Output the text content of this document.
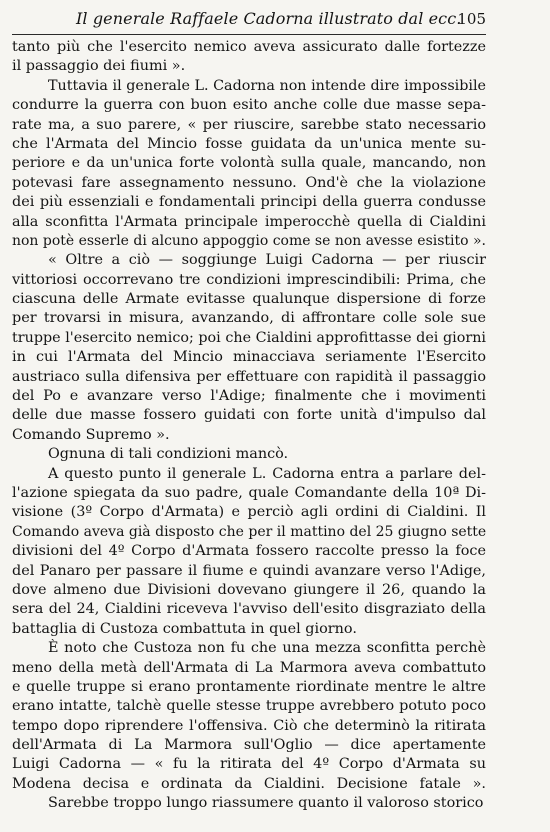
Il generale Raffaele Cadorna illustrato dal ecc.
105
tanto più che l'esercito nemico aveva assicurato dalle fortezze
il passaggio dei fiumi ».
Tuttavia il generale L. Cadorna non intende dire impossibile
condurre la guerra con buon esito anche colle due masse sepa-
rate ma, a suo parere, « per riuscire, sarebbe stato necessario
che l'Armata del Mincio fosse guidata da un'unica mente su-
periore e da un'unica forte volontà sulla quale, mancando, non
potevasi fare assegnamento nessuno. Ond'è che la violazione
dei più essenziali e fondamentali principi della guerra condusse
alla sconfitta l'Armata principale imperocchè quella di Cialdini
non potè esserle di alcuno appoggio come se non avesse esistito ».
« Oltre a ciò — soggiunge Luigi Cadorna — per riuscir
vittoriosi occorrevano tre condizioni imprescindibili: Prima, che
ciascuna delle Armate evitasse qualunque dispersione di forze
per trovarsi in misura, avanzando, di affrontare colle sole sue
truppe l'esercito nemico; poi che Cialdini approfittasse dei giorni
in cui l'Armata del Mincio minacciava seriamente l'Esercito
austriaco sulla difensiva per effettuare con rapidità il passaggio
del Po e avanzare verso l'Adige; finalmente che i movimenti
delle due masse fossero guidati con forte unità d'impulso dal
Comando Supremo ».
Ognuna di tali condizioni mancò.
A questo punto il generale L. Cadorna entra a parlare del-
l'azione spiegata da suo padre, quale Comandante della 10ª Di-
visione (3º Corpo d'Armata) e perciò agli ordini di Cialdini. Il
Comando aveva già disposto che per il mattino del 25 giugno sette
divisioni del 4º Corpo d'Armata fossero raccolte presso la foce
del Panaro per passare il fiume e quindi avanzare verso l'Adige,
dove almeno due Divisioni dovevano giungere il 26, quando la
sera del 24, Cialdini riceveva l'avviso dell'esito disgraziato della
battaglia di Custoza combattuta in quel giorno.
È noto che Custoza non fu che una mezza sconfitta perchè
meno della metà dell'Armata di La Marmora aveva combattuto
e quelle truppe si erano prontamente riordinate mentre le altre
erano intatte, talchè quelle stesse truppe avrebbero potuto poco
tempo dopo riprendere l'offensiva. Ciò che determinò la ritirata
dell'Armata di La Marmora sull'Oglio — dice apertamente
Luigi Cadorna — « fu la ritirata del 4º Corpo d'Armata su
Modena decisa e ordinata da Cialdini. Decisione fatale ».
Sarebbe troppo lungo riassumere quanto il valoroso storico
